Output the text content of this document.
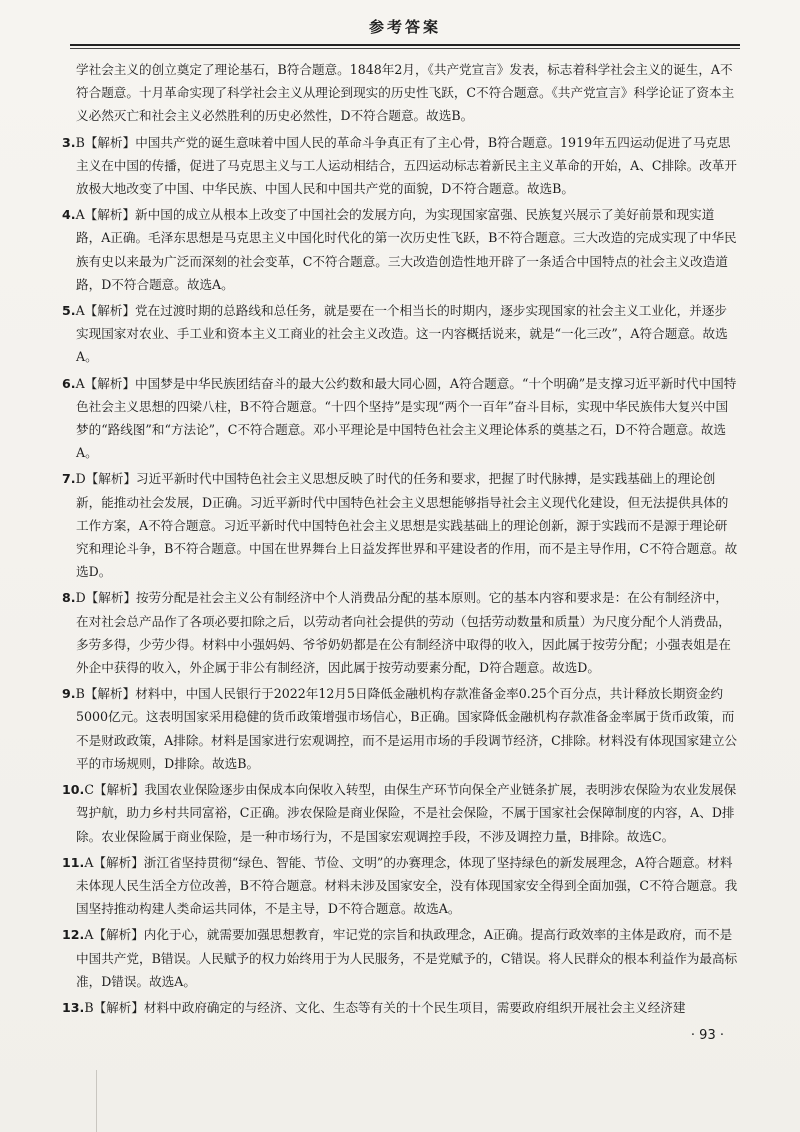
参考答案

学社会主义的创立奠定了理论基石，B符合题意。1848年2月，《共产党宣言》发表，标志着科学社会主义的诞生，A不符合题意。十月革命实现了科学社会主义从理论到现实的历史性飞跃，C不符合题意。《共产党宣言》科学论证了资本主义必然灭亡和社会主义必然胜利的历史必然性，D不符合题意。故选B。

3.B【解析】中国共产党的诞生意味着中国人民的革命斗争真正有了主心骨，B符合题意。1919年五四运动促进了马克思主义在中国的传播，促进了马克思主义与工人运动相结合，五四运动标志着新民主主义革命的开始，A、C排除。改革开放极大地改变了中国、中华民族、中国人民和中国共产党的面貌，D不符合题意。故选B。

4.A【解析】新中国的成立从根本上改变了中国社会的发展方向，为实现国家富强、民族复兴展示了美好前景和现实道路，A正确。毛泽东思想是马克思主义中国化时代化的第一次历史性飞跃，B不符合题意。三大改造的完成实现了中华民族有史以来最为广泛而深刻的社会变革，C不符合题意。三大改造创造性地开辟了一条适合中国特点的社会主义改造道路，D不符合题意。故选A。

5.A【解析】党在过渡时期的总路线和总任务，就是要在一个相当长的时期内，逐步实现国家的社会主义工业化，并逐步实现国家对农业、手工业和资本主义工商业的社会主义改造。这一内容概括说来，就是“一化三改”，A符合题意。故选A。

6.A【解析】中国梦是中华民族团结奋斗的最大公约数和最大同心圆，A符合题意。“十个明确”是支撑习近平新时代中国特色社会主义思想的四梁八柱，B不符合题意。“十四个坚持”是实现“两个一百年”奋斗目标，实现中华民族伟大复兴中国梦的“路线图”和“方法论”，C不符合题意。邓小平理论是中国特色社会主义理论体系的奠基之石，D不符合题意。故选A。

7.D【解析】习近平新时代中国特色社会主义思想反映了时代的任务和要求，把握了时代脉搏，是实践基础上的理论创新，能推动社会发展，D正确。习近平新时代中国特色社会主义思想能够指导社会主义现代化建设，但无法提供具体的工作方案，A不符合题意。习近平新时代中国特色社会主义思想是实践基础上的理论创新，源于实践而不是源于理论研究和理论斗争，B不符合题意。中国在世界舞台上日益发挥世界和平建设者的作用，而不是主导作用，C不符合题意。故选D。

8.D【解析】按劳分配是社会主义公有制经济中个人消费品分配的基本原则。它的基本内容和要求是：在公有制经济中，在对社会总产品作了各项必要扣除之后，以劳动者向社会提供的劳动（包括劳动数量和质量）为尺度分配个人消费品，多劳多得，少劳少得。材料中小强妈妈、爷爷奶奶都是在公有制经济中取得的收入，因此属于按劳分配；小强表姐是在外企中获得的收入，外企属于非公有制经济，因此属于按劳动要素分配，D符合题意。故选D。

9.B【解析】材料中，中国人民银行于2022年12月5日降低金融机构存款准备金率0.25个百分点，共计释放长期资金约5000亿元。这表明国家采用稳健的货币政策增强市场信心，B正确。国家降低金融机构存款准备金率属于货币政策，而不是财政政策，A排除。材料是国家进行宏观调控，而不是运用市场的手段调节经济，C排除。材料没有体现国家建立公平的市场规则，D排除。故选B。

10.C【解析】我国农业保险逐步由保成本向保收入转型，由保生产环节向保全产业链条扩展，表明涉农保险为农业发展保驾护航，助力乡村共同富裕，C正确。涉农保险是商业保险，不是社会保险，不属于国家社会保障制度的内容，A、D排除。农业保险属于商业保险，是一种市场行为，不是国家宏观调控手段，不涉及调控力量，B排除。故选C。

11.A【解析】浙江省坚持贯彻“绿色、智能、节俭、文明”的办赛理念，体现了坚持绿色的新发展理念，A符合题意。材料未体现人民生活全方位改善，B不符合题意。材料未涉及国家安全，没有体现国家安全得到全面加强，C不符合题意。我国坚持推动构建人类命运共同体，不是主导，D不符合题意。故选A。

12.A【解析】内化于心，就需要加强思想教育，牢记党的宗旨和执政理念，A正确。提高行政效率的主体是政府，而不是中国共产党，B错误。人民赋予的权力始终用于为人民服务，不是党赋予的，C错误。将人民群众的根本利益作为最高标准，D错误。故选A。

13.B【解析】材料中政府确定的与经济、文化、生态等有关的十个民生项目，需要政府组织开展社会主义经济建

· 93 ·
